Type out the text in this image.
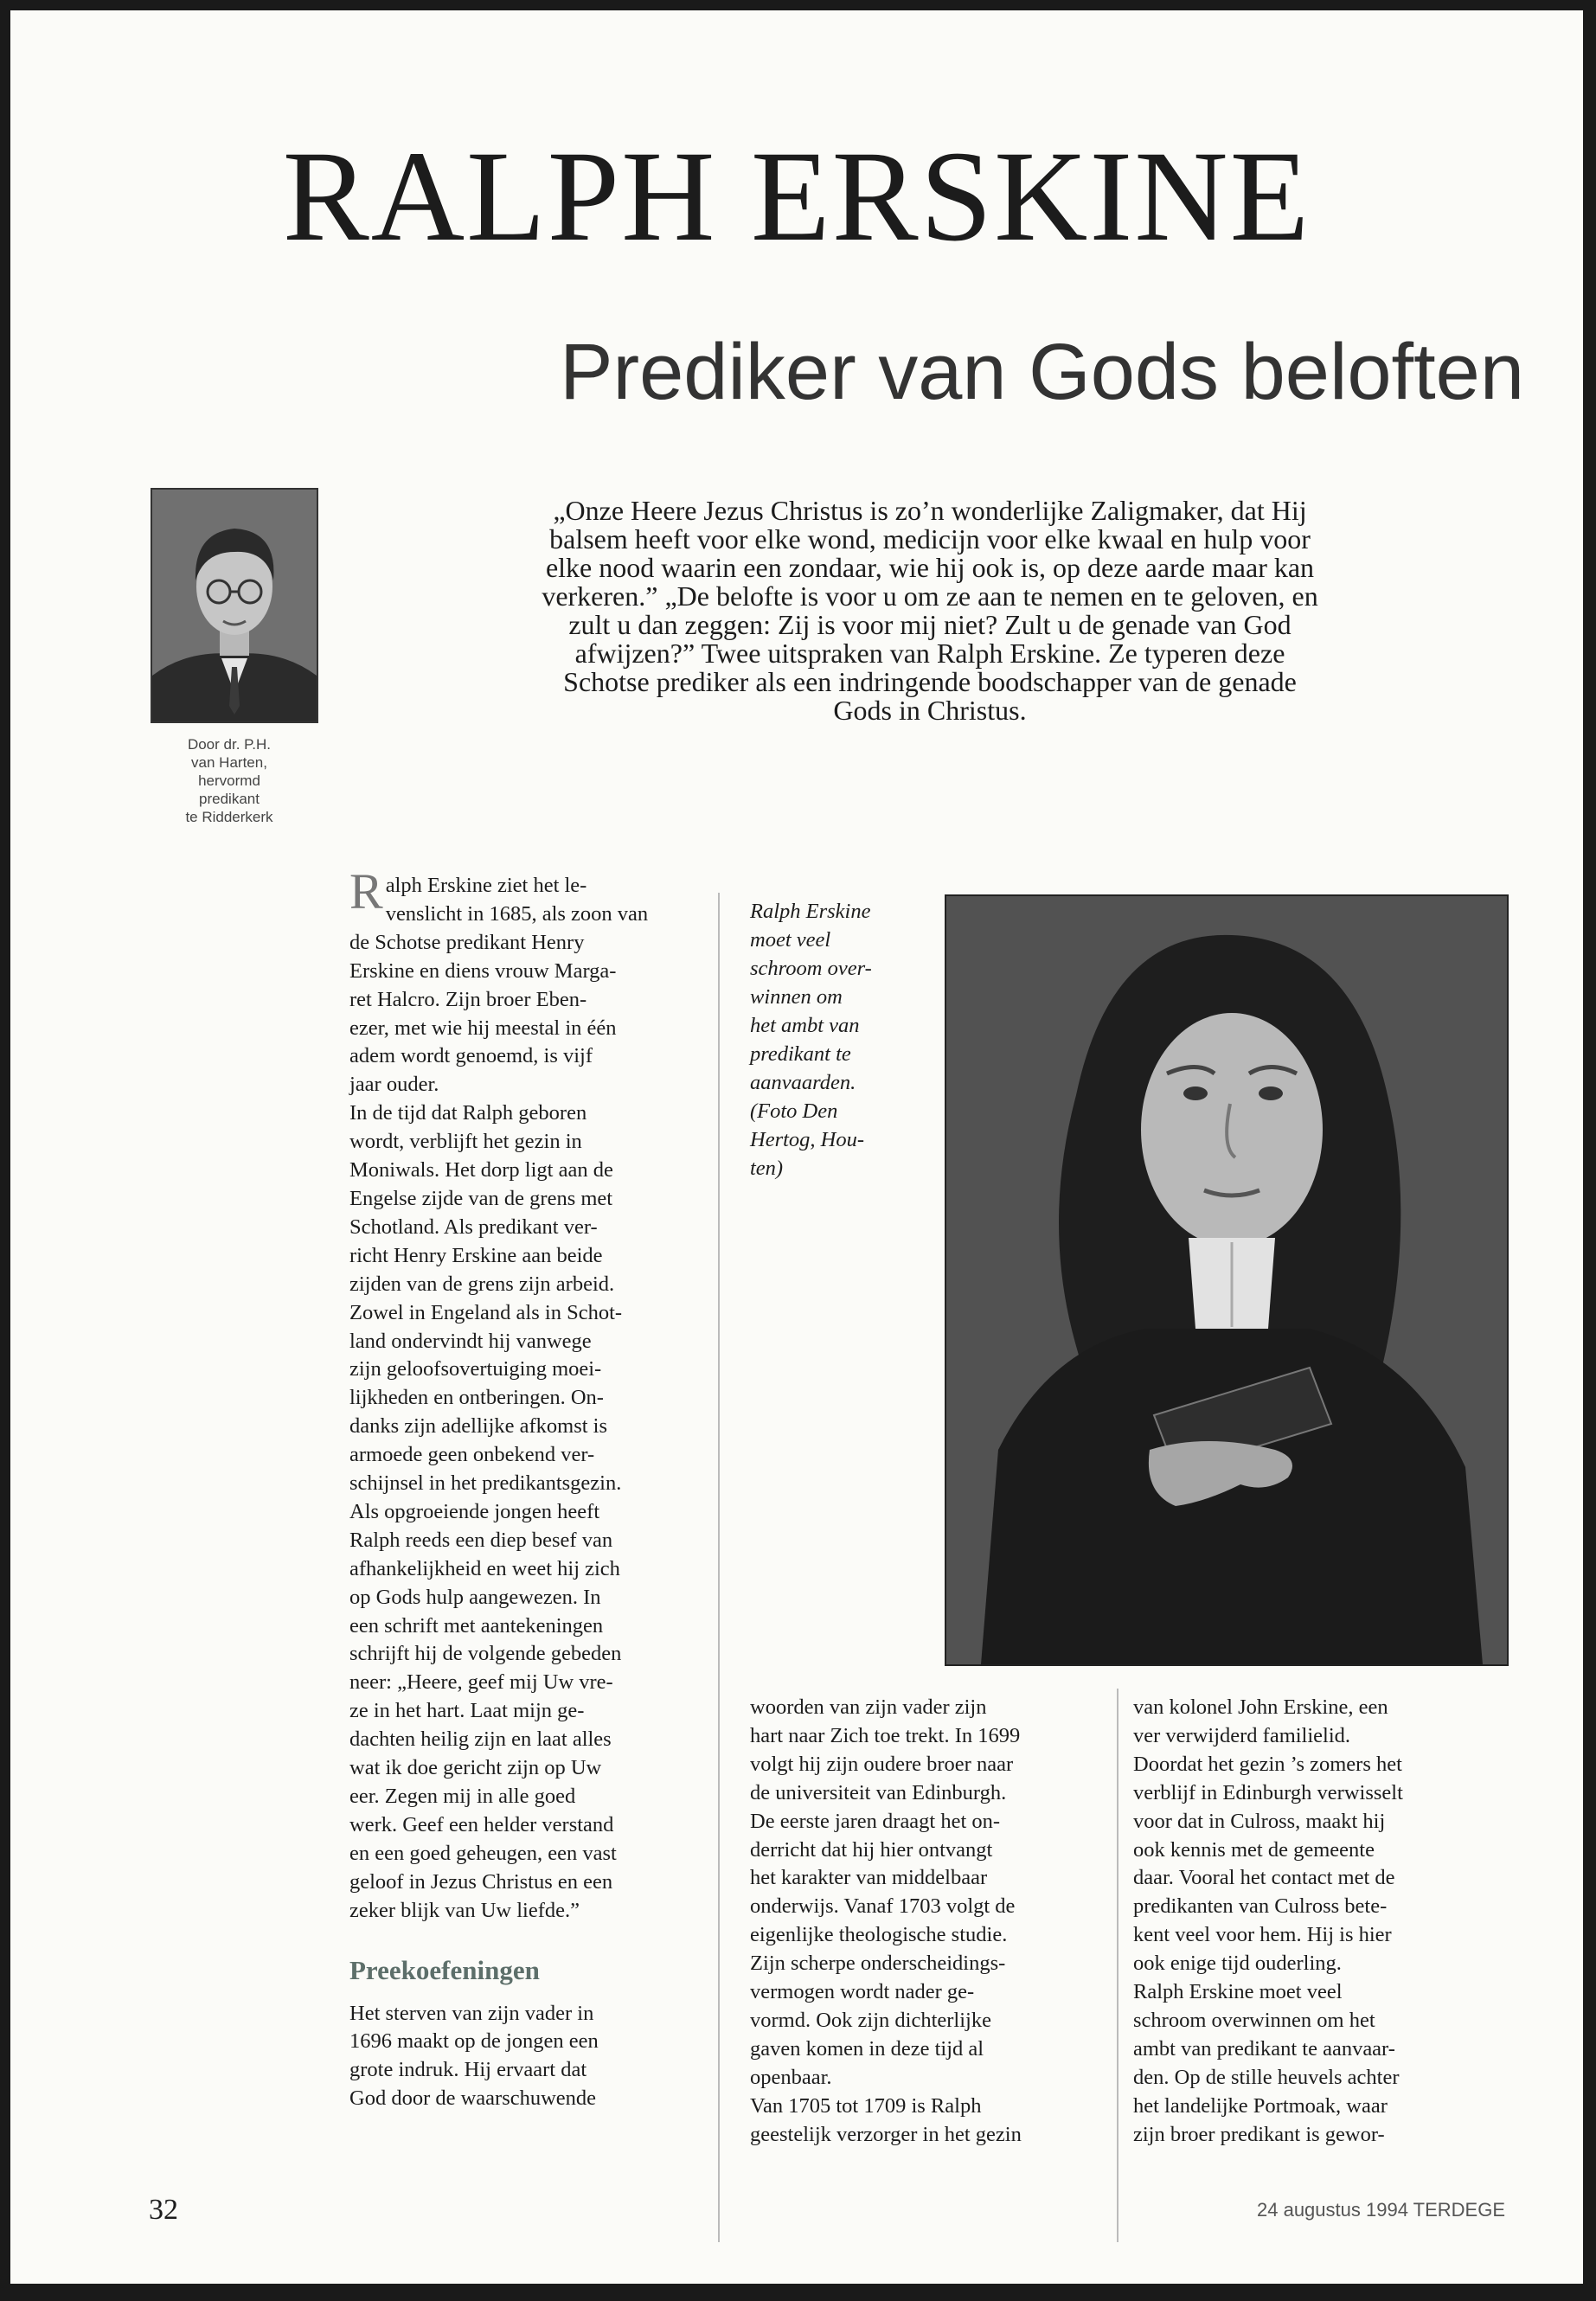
RALPH ERSKINE
Prediker van Gods beloften
Door dr. P.H.
van Harten,
hervormd
predikant
te Ridderkerk
„Onze Heere Jezus Christus is zo’n wonderlijke Zaligmaker, dat Hij
balsem heeft voor elke wond, medicijn voor elke kwaal en hulp voor
elke nood waarin een zondaar, wie hij ook is, op deze aarde maar kan
verkeren.” „De belofte is voor u om ze aan te nemen en te geloven, en
zult u dan zeggen: Zij is voor mij niet? Zult u de genade van God
afwijzen?” Twee uitspraken van Ralph Erskine. Ze typeren deze
Schotse prediker als een indringende boodschapper van de genade
Gods in Christus.

Ralph Erskine ziet het le-

venslicht in 1685, als zoon van
de Schotse predikant Henry
Erskine en diens vrouw Marga-
ret Halcro. Zijn broer Eben-
ezer, met wie hij meestal in één
adem wordt genoemd, is vijf
jaar ouder.
In de tijd dat Ralph geboren
wordt, verblijft het gezin in
Moniwals. Het dorp ligt aan de
Engelse zijde van de grens met
Schotland. Als predikant ver-
richt Henry Erskine aan beide
zijden van de grens zijn arbeid.
Zowel in Engeland als in Schot-
land ondervindt hij vanwege
zijn geloofsovertuiging moei-
lijkheden en ontberingen. On-
danks zijn adellijke afkomst is
armoede geen onbekend ver-
schijnsel in het predikantsgezin.
Als opgroeiende jongen heeft
Ralph reeds een diep besef van
afhankelijkheid en weet hij zich
op Gods hulp aangewezen. In
een schrift met aantekeningen
schrijft hij de volgende gebeden
neer: „Heere, geef mij Uw vre-
ze in het hart. Laat mijn ge-
dachten heilig zijn en laat alles
wat ik doe gericht zijn op Uw
eer. Zegen mij in alle goed
werk. Geef een helder verstand
en een goed geheugen, een vast
geloof in Jezus Christus en een
zeker blijk van Uw liefde.”

Preekoefeningen

Het sterven van zijn vader in
1696 maakt op de jongen een
grote indruk. Hij ervaart dat
God door de waarschuwende
Ralph Erskine
moet veel
schroom over-
winnen om
het ambt van
predikant te
aanvaarden.
(Foto Den
Hertog, Hou-
ten)
woorden van zijn vader zijn
hart naar Zich toe trekt. In 1699
volgt hij zijn oudere broer naar
de universiteit van Edinburgh.
De eerste jaren draagt het on-
derricht dat hij hier ontvangt
het karakter van middelbaar
onderwijs. Vanaf 1703 volgt de
eigenlijke theologische studie.
Zijn scherpe onderscheidings-
vermogen wordt nader ge-
vormd. Ook zijn dichterlijke
gaven komen in deze tijd al
openbaar.
Van 1705 tot 1709 is Ralph
geestelijk verzorger in het gezin
van kolonel John Erskine, een
ver verwijderd familielid.
Doordat het gezin ’s zomers het
verblijf in Edinburgh verwisselt
voor dat in Culross, maakt hij
ook kennis met de gemeente
daar. Vooral het contact met de
predikanten van Culross bete-
kent veel voor hem. Hij is hier
ook enige tijd ouderling.
Ralph Erskine moet veel
schroom overwinnen om het
ambt van predikant te aanvaar-
den. Op de stille heuvels achter
het landelijke Portmoak, waar
zijn broer predikant is gewor-
32	24 augustus 1994 TERDEGE
